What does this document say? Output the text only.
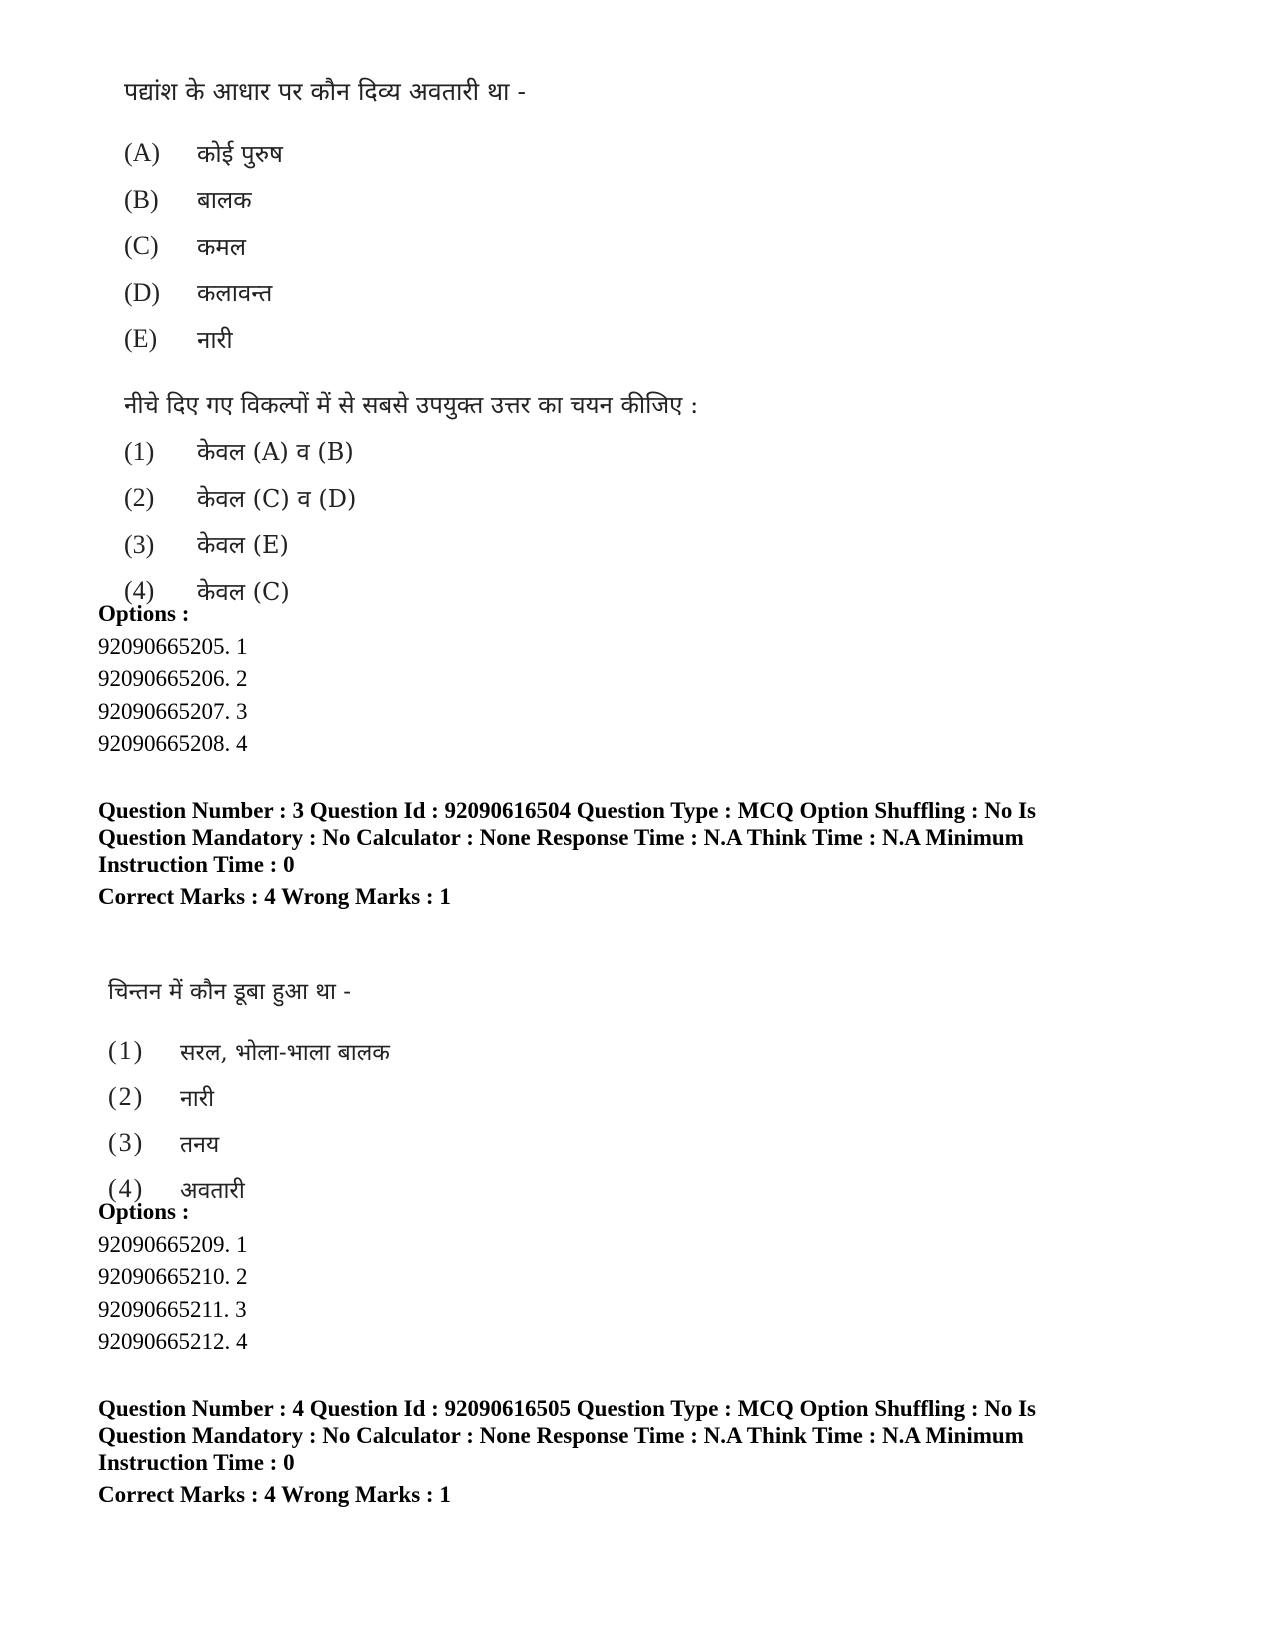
पद्यांश के आधार पर कौन दिव्य अवतारी था -
(A)	कोई पुरुष
(B)	बालक
(C)	कमल
(D)	कलावन्त
(E)	नारी
नीचे दिए गए विकल्पों में से सबसे उपयुक्त उत्तर का चयन कीजिए :
(1)	केवल (A) व (B)
(2)	केवल (C) व (D)
(3)	केवल (E)
(4)	केवल (C)
Options :
92090665205. 1
92090665206. 2
92090665207. 3
92090665208. 4
Question Number : 3 Question Id : 92090616504 Question Type : MCQ Option Shuffling : No Is
Question Mandatory : No Calculator : None Response Time : N.A Think Time : N.A Minimum
Instruction Time : 0
Correct Marks : 4 Wrong Marks : 1
चिन्तन में कौन डूबा हुआ था -
(1)	सरल, भोला-भाला बालक
(2)	नारी
(3)	तनय
(4)	अवतारी
Options :
92090665209. 1
92090665210. 2
92090665211. 3
92090665212. 4
Question Number : 4 Question Id : 92090616505 Question Type : MCQ Option Shuffling : No Is
Question Mandatory : No Calculator : None Response Time : N.A Think Time : N.A Minimum
Instruction Time : 0
Correct Marks : 4 Wrong Marks : 1
